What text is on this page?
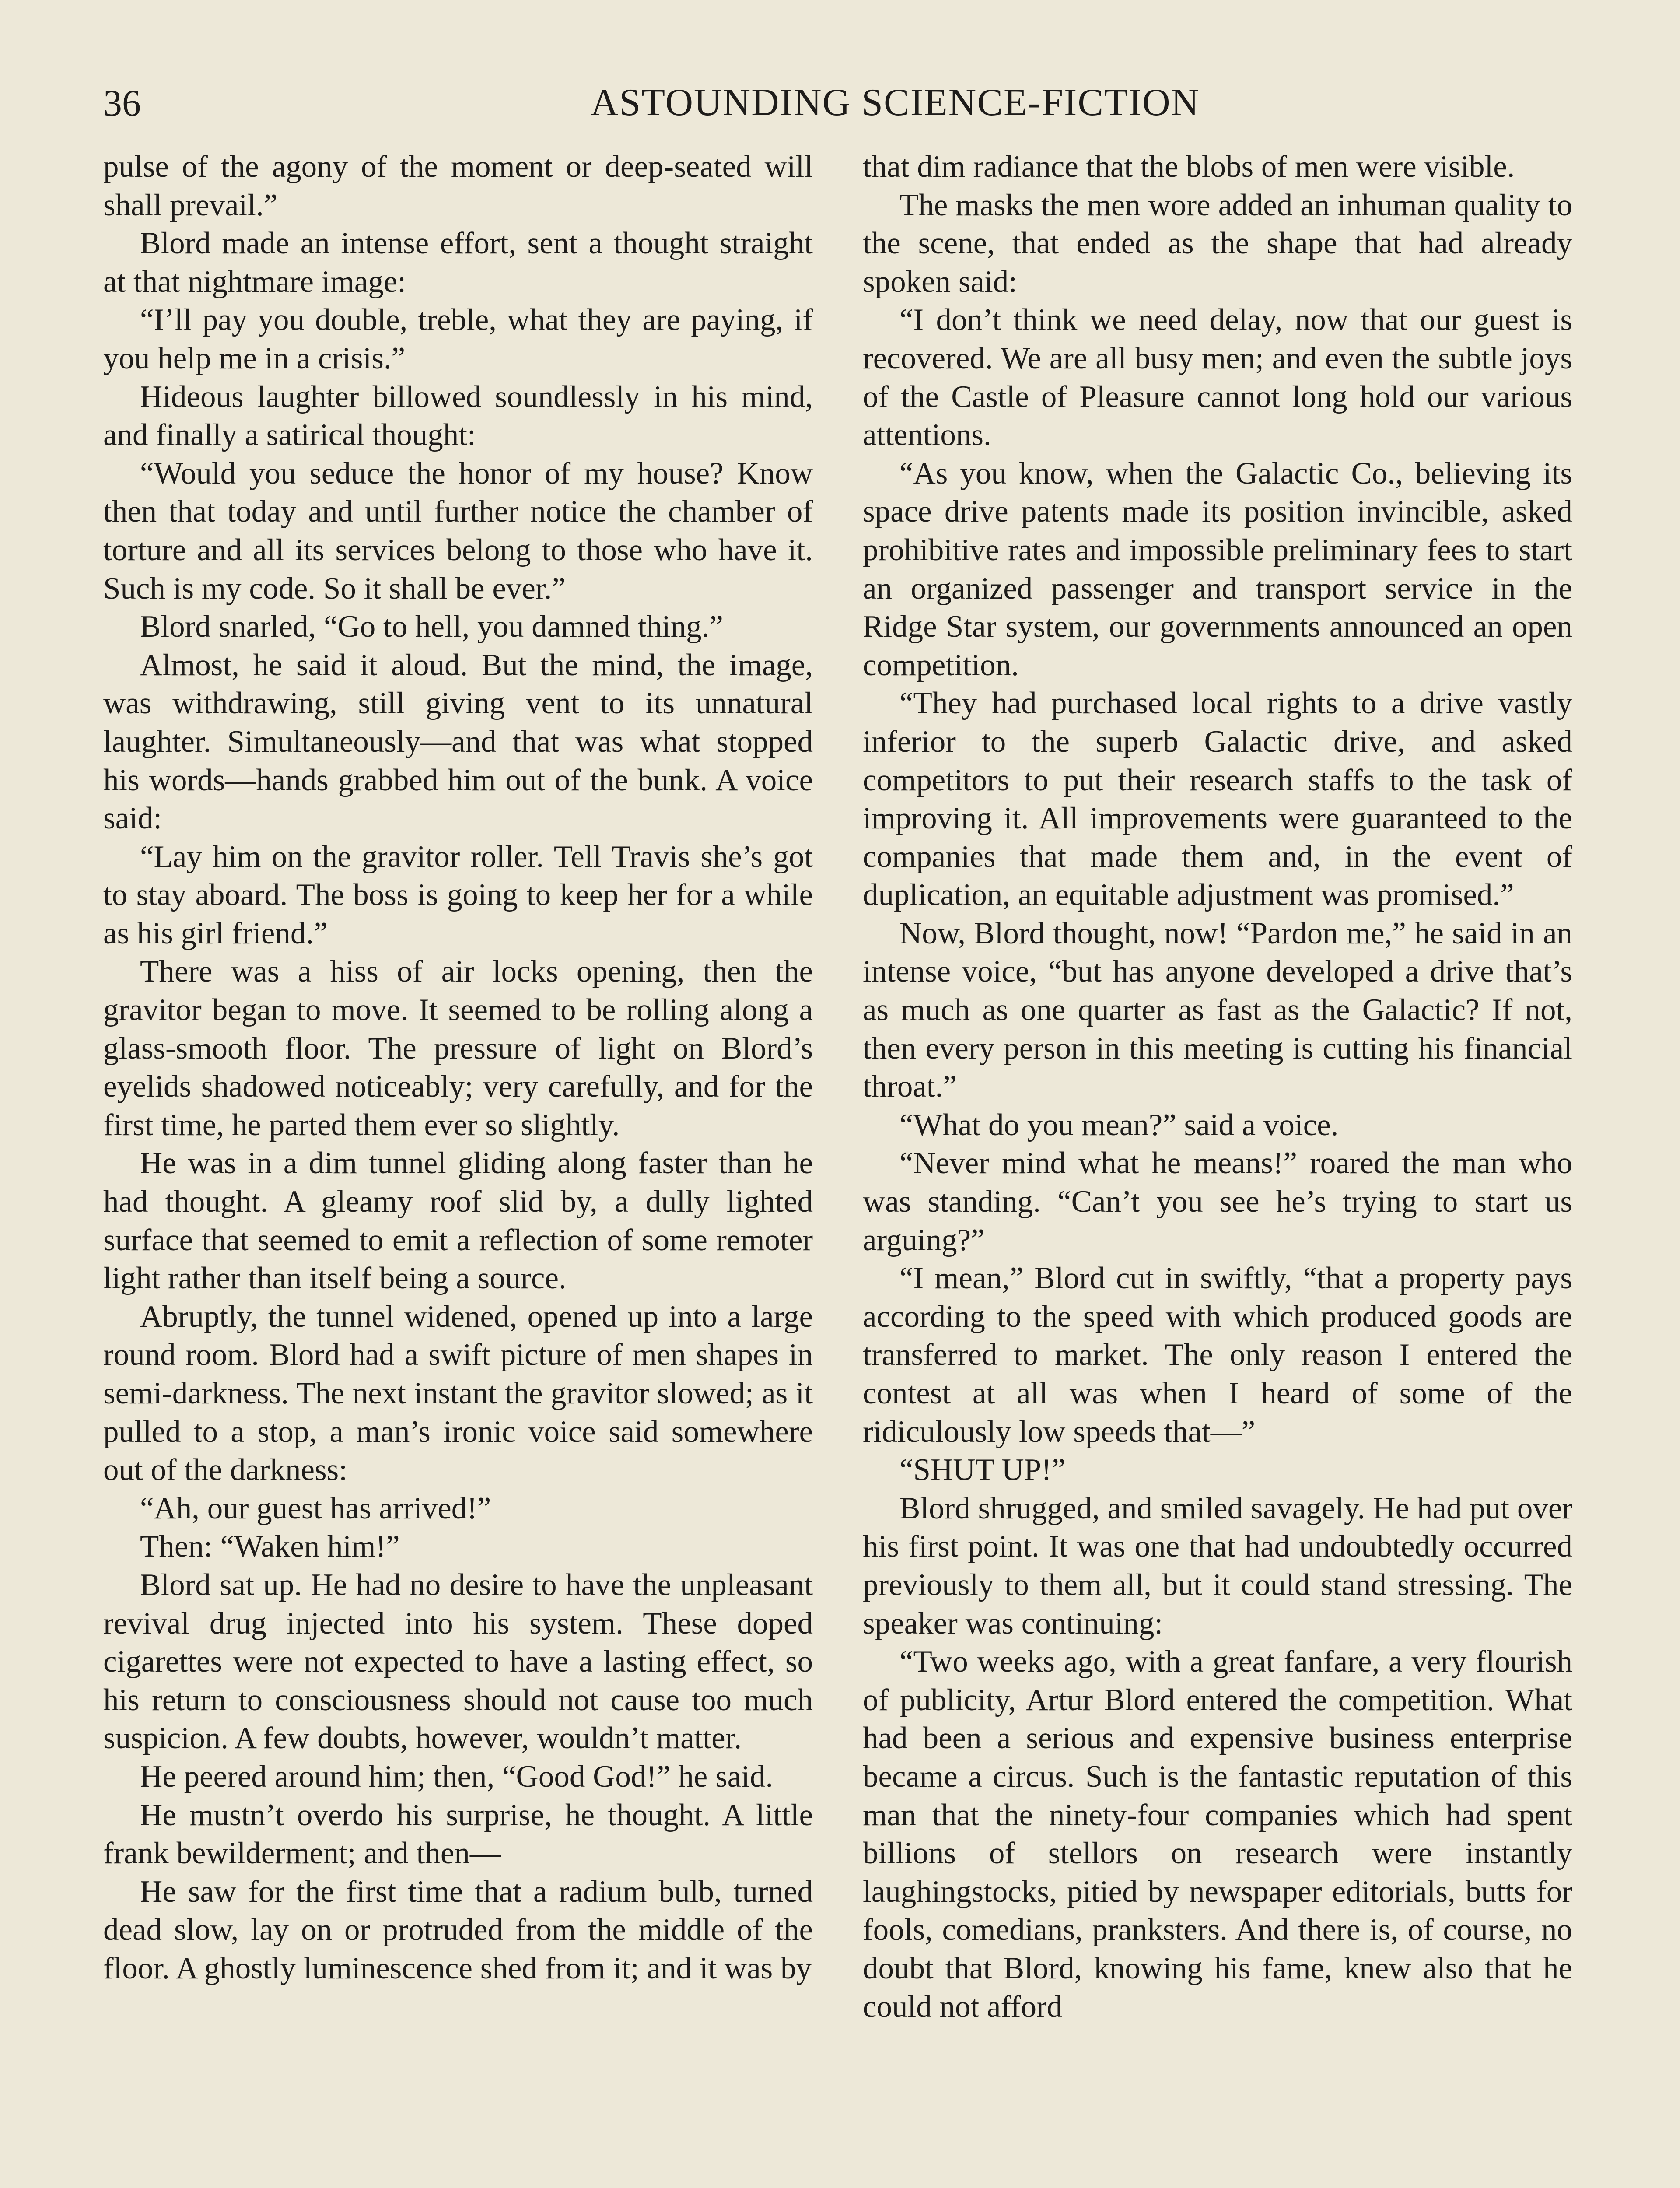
36	ASTOUNDING SCIENCE-FICTION

pulse of the agony of the moment or deep-seated will shall prevail.”

Blord made an intense effort, sent a thought straight at that nightmare image:

“I’ll pay you double, treble, what they are paying, if you help me in a crisis.”

Hideous laughter billowed soundlessly in his mind, and finally a satirical thought:

“Would you seduce the honor of my house? Know then that today and until further notice the chamber of torture and all its services belong to those who have it. Such is my code. So it shall be ever.”

Blord snarled, “Go to hell, you damned thing.”

Almost, he said it aloud. But the mind, the image, was withdrawing, still giving vent to its unnatural laughter. Simultaneously—and that was what stopped his words—hands grabbed him out of the bunk. A voice said:

“Lay him on the gravitor roller. Tell Travis she’s got to stay aboard. The boss is going to keep her for a while as his girl friend.”

There was a hiss of air locks opening, then the gravitor began to move. It seemed to be rolling along a glass-smooth floor. The pressure of light on Blord’s eyelids shadowed noticeably; very carefully, and for the first time, he parted them ever so slightly.

He was in a dim tunnel gliding along faster than he had thought. A gleamy roof slid by, a dully lighted surface that seemed to emit a reflection of some remoter light rather than itself being a source.

Abruptly, the tunnel widened, opened up into a large round room. Blord had a swift picture of men shapes in semi-darkness. The next instant the gravitor slowed; as it pulled to a stop, a man’s ironic voice said somewhere out of the darkness:

“Ah, our guest has arrived!”

Then: “Waken him!”

Blord sat up. He had no desire to have the unpleasant revival drug injected into his system. These doped cigarettes were not expected to have a lasting effect, so his return to consciousness should not cause too much suspicion. A few doubts, however, wouldn’t matter.

He peered around him; then, “Good God!” he said.

He mustn’t overdo his surprise, he thought. A little frank bewilderment; and then—

He saw for the first time that a radium bulb, turned dead slow, lay on or protruded from the middle of the floor. A ghostly luminescence shed from it; and it was by

that dim radiance that the blobs of men were visible.

The masks the men wore added an inhuman quality to the scene, that ended as the shape that had already spoken said:

“I don’t think we need delay, now that our guest is recovered. We are all busy men; and even the subtle joys of the Castle of Pleasure cannot long hold our various attentions.

“As you know, when the Galactic Co., believing its space drive patents made its position invincible, asked prohibitive rates and impossible preliminary fees to start an organized passenger and transport service in the Ridge Star system, our governments announced an open competition.

“They had purchased local rights to a drive vastly inferior to the superb Galactic drive, and asked competitors to put their research staffs to the task of improving it. All improvements were guaranteed to the companies that made them and, in the event of duplication, an equitable adjustment was promised.”

Now, Blord thought, now! “Pardon me,” he said in an intense voice, “but has anyone developed a drive that’s as much as one quarter as fast as the Galactic? If not, then every person in this meeting is cutting his financial throat.”

“What do you mean?” said a voice.

“Never mind what he means!” roared the man who was standing. “Can’t you see he’s trying to start us arguing?”

“I mean,” Blord cut in swiftly, “that a property pays according to the speed with which produced goods are transferred to market. The only reason I entered the contest at all was when I heard of some of the ridiculously low speeds that—”

“SHUT UP!”

Blord shrugged, and smiled savagely. He had put over his first point. It was one that had undoubtedly occurred previously to them all, but it could stand stressing. The speaker was continuing:

“Two weeks ago, with a great fanfare, a very flourish of publicity, Artur Blord entered the competition. What had been a serious and expensive business enterprise became a circus. Such is the fantastic reputation of this man that the ninety-four companies which had spent billions of stellors on research were instantly laughingstocks, pitied by newspaper editorials, butts for fools, comedians, pranksters. And there is, of course, no doubt that Blord, knowing his fame, knew also that he could not afford
